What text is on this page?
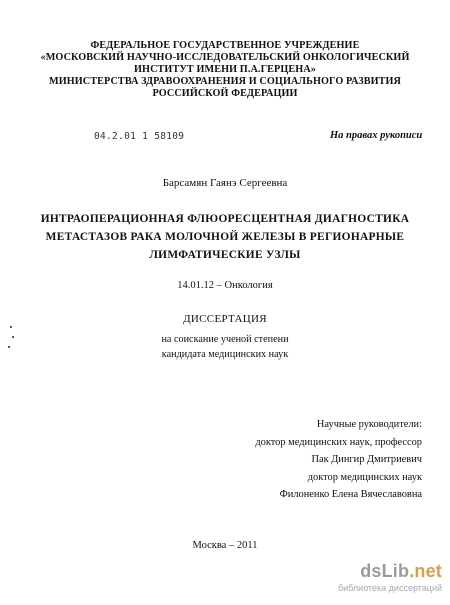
ФЕДЕРАЛЬНОЕ ГОСУДАРСТВЕННОЕ УЧРЕЖДЕНИЕ
«МОСКОВСКИЙ НАУЧНО-ИССЛЕДОВАТЕЛЬСКИЙ ОНКОЛОГИЧЕСКИЙ
ИНСТИТУТ ИМЕНИ П.А.ГЕРЦЕНА»
МИНИСТЕРСТВА ЗДРАВООХРАНЕНИЯ И СОЦИАЛЬНОГО РАЗВИТИЯ
РОССИЙСКОЙ ФЕДЕРАЦИИ
04.2.01 1 58109	На правах рукописи
Барсамян Гаянэ Сергеевна
ИНТРАОПЕРАЦИОННАЯ ФЛЮОРЕСЦЕНТНАЯ ДИАГНОСТИКА
МЕТАСТАЗОВ РАКА МОЛОЧНОЙ ЖЕЛЕЗЫ В РЕГИОНАРНЫЕ
ЛИМФАТИЧЕСКИЕ УЗЛЫ
14.01.12 – Онкология
ДИССЕРТАЦИЯ
на соискание ученой степени
кандидата медицинских наук
Научные руководители:
доктор медицинских наук, профессор
Пак Дингир Дмитриевич
доктор медицинских наук
Филоненко Елена Вячеславовна
Москва – 2011
dsLib.net
библиотека диссертаций
